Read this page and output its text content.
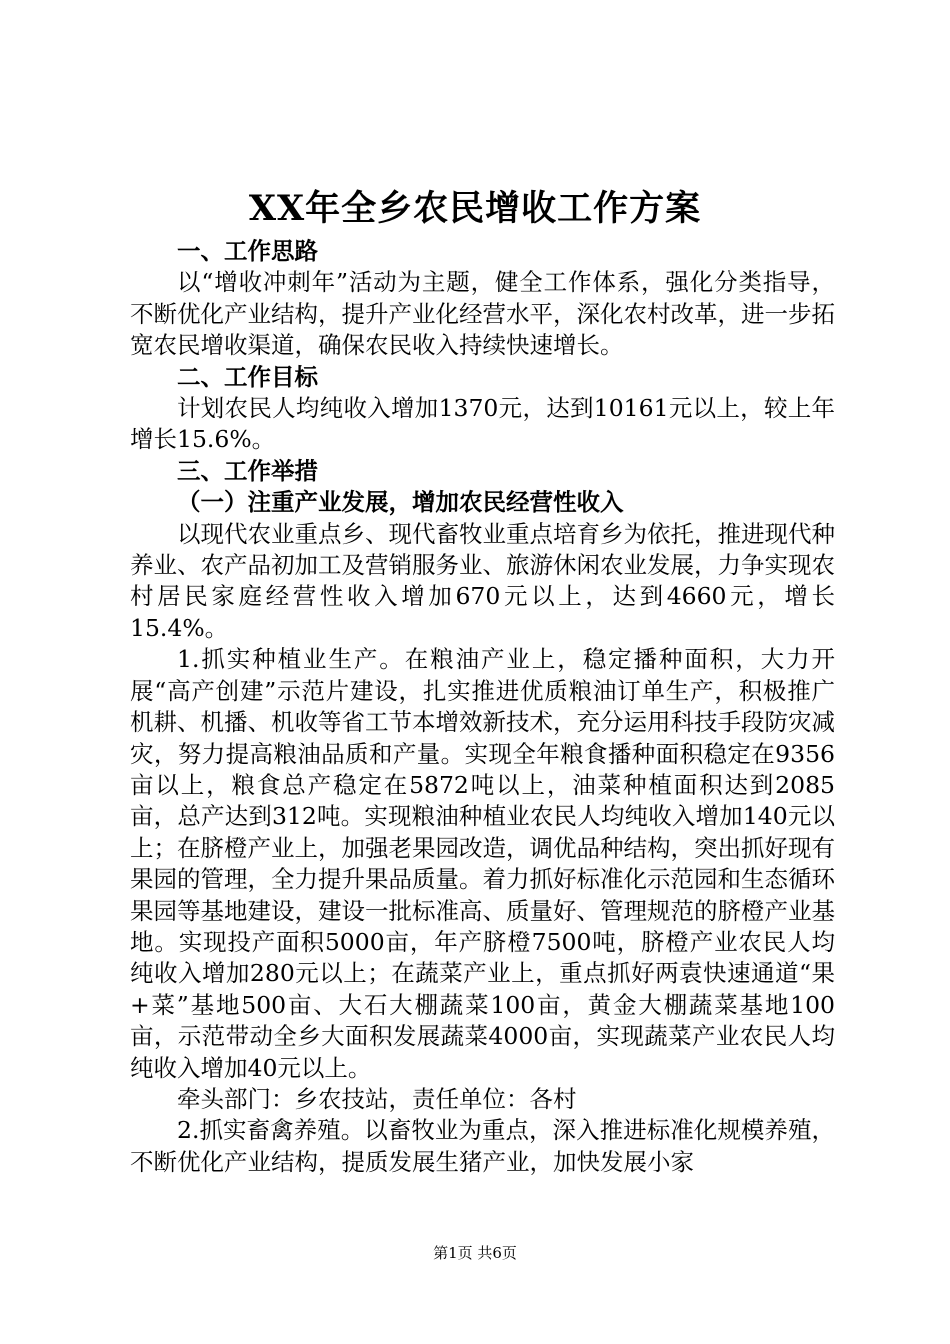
XX年全乡农民增收工作方案

一、工作思路

以“增收冲刺年”活动为主题，健全工作体系，强化分类指导，不断优化产业结构，提升产业化经营水平，深化农村改革，进一步拓宽农民增收渠道，确保农民收入持续快速增长。

二、工作目标

计划农民人均纯收入增加1370元，达到10161元以上，较上年增长15.6%。

三、工作举措

（一）注重产业发展，增加农民经营性收入

以现代农业重点乡、现代畜牧业重点培育乡为依托，推进现代种养业、农产品初加工及营销服务业、旅游休闲农业发展，力争实现农村居民家庭经营性收入增加670元以上，达到4660元，增长15.4%。

1.抓实种植业生产。在粮油产业上，稳定播种面积，大力开展“高产创建”示范片建设，扎实推进优质粮油订单生产，积极推广机耕、机播、机收等省工节本增效新技术，充分运用科技手段防灾减灾，努力提高粮油品质和产量。实现全年粮食播种面积稳定在9356亩以上，粮食总产稳定在5872吨以上，油菜种植面积达到2085亩，总产达到312吨。实现粮油种植业农民人均纯收入增加140元以上；在脐橙产业上，加强老果园改造，调优品种结构，突出抓好现有果园的管理，全力提升果品质量。着力抓好标准化示范园和生态循环果园等基地建设，建设一批标准高、质量好、管理规范的脐橙产业基地。实现投产面积5000亩，年产脐橙7500吨，脐橙产业农民人均纯收入增加280元以上；在蔬菜产业上，重点抓好两袁快速通道“果+菜”基地500亩、大石大棚蔬菜100亩，黄金大棚蔬菜基地100亩，示范带动全乡大面积发展蔬菜4000亩，实现蔬菜产业农民人均纯收入增加40元以上。

牵头部门：乡农技站，责任单位：各村

2.抓实畜禽养殖。以畜牧业为重点，深入推进标准化规模养殖，不断优化产业结构，提质发展生猪产业，加快发展小家

第1页 共6页
